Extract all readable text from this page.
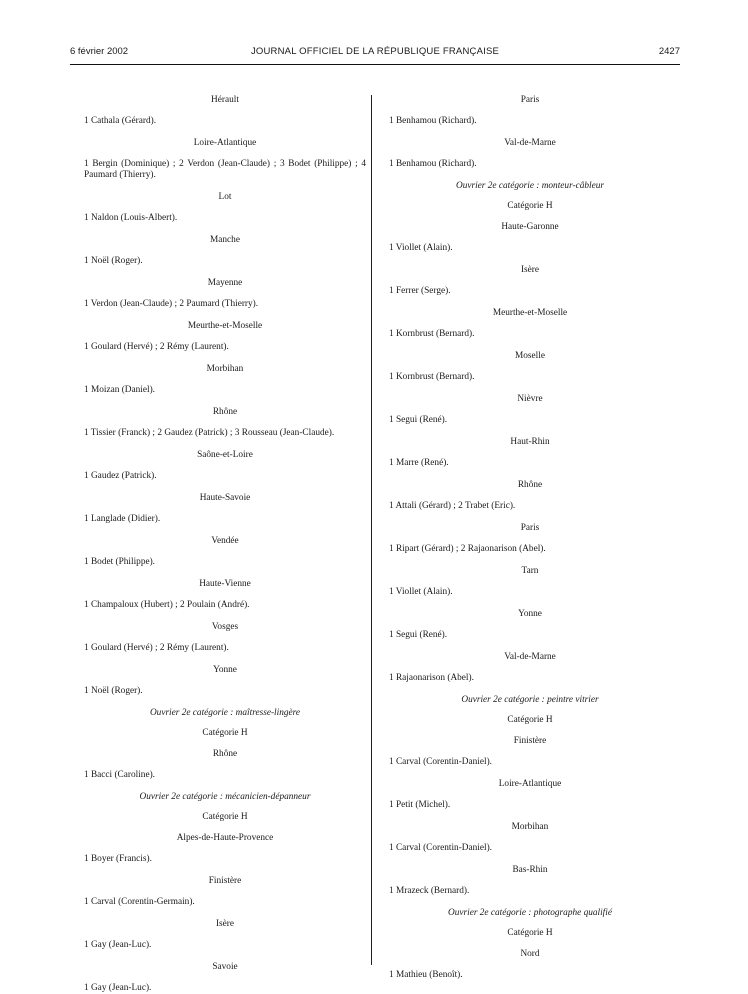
6 février 2002	JOURNAL OFFICIEL DE LA RÉPUBLIQUE FRANÇAISE	2427

Hérault

1 Cathala (Gérard).

Loire-Atlantique

1 Bergin (Dominique) ; 2 Verdon (Jean-Claude) ; 3 Bodet (Philippe) ; 4 Paumard (Thierry).

Lot

1 Naldon (Louis-Albert).

Manche

1 Noël (Roger).

Mayenne

1 Verdon (Jean-Claude) ; 2 Paumard (Thierry).

Meurthe-et-Moselle

1 Goulard (Hervé) ; 2 Rémy (Laurent).

Morbihan

1 Moizan (Daniel).

Rhône

1 Tissier (Franck) ; 2 Gaudez (Patrick) ; 3 Rousseau (Jean-Claude).

Saône-et-Loire

1 Gaudez (Patrick).

Haute-Savoie

1 Langlade (Didier).

Vendée

1 Bodet (Philippe).

Haute-Vienne

1 Champaloux (Hubert) ; 2 Poulain (André).

Vosges

1 Goulard (Hervé) ; 2 Rémy (Laurent).

Yonne

1 Noël (Roger).

Ouvrier 2e catégorie : maîtresse-lingère

Catégorie H

Rhône

1 Bacci (Caroline).

Ouvrier 2e catégorie : mécanicien-dépanneur

Catégorie H

Alpes-de-Haute-Provence

1 Boyer (Francis).

Finistère

1 Carval (Corentin-Germain).

Isère

1 Gay (Jean-Luc).

Savoie

1 Gay (Jean-Luc).

Paris

1 Benhamou (Richard).

Val-de-Marne

1 Benhamou (Richard).

Ouvrier 2e catégorie : monteur-câbleur

Catégorie H

Haute-Garonne

1 Viollet (Alain).

Isère

1 Ferrer (Serge).

Meurthe-et-Moselle

1 Kornbrust (Bernard).

Moselle

1 Kornbrust (Bernard).

Nièvre

1 Segui (René).

Haut-Rhin

1 Marre (René).

Rhône

1 Attali (Gérard) ; 2 Trabet (Eric).

Paris

1 Ripart (Gérard) ; 2 Rajaonarison (Abel).

Tarn

1 Viollet (Alain).

Yonne

1 Segui (René).

Val-de-Marne

1 Rajaonarison (Abel).

Ouvrier 2e catégorie : peintre vitrier

Catégorie H

Finistère

1 Carval (Corentin-Daniel).

Loire-Atlantique

1 Petit (Michel).

Morbihan

1 Carval (Corentin-Daniel).

Bas-Rhin

1 Mrazeck (Bernard).

Ouvrier 2e catégorie : photographe qualifié

Catégorie H

Nord

1 Mathieu (Benoît).
